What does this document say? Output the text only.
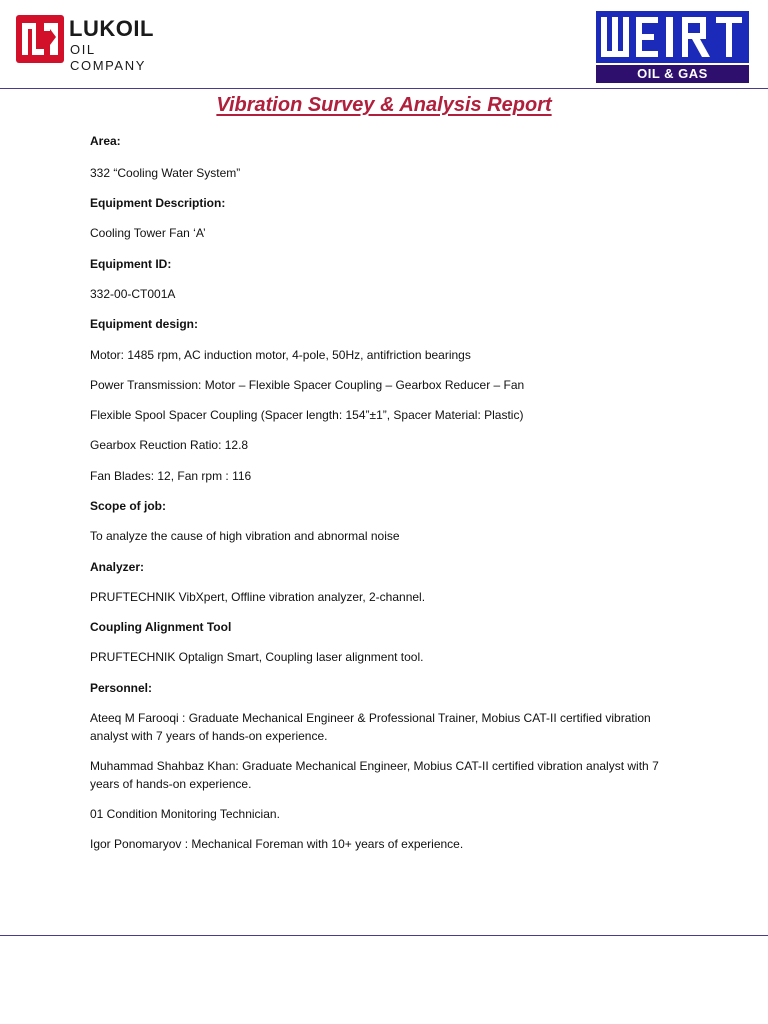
LUKOIL
OIL COMPANY
OIL & GAS
Vibration Survey & Analysis Report

Area:

332 “Cooling Water System”

Equipment Description:

Cooling Tower Fan ‘A’

Equipment ID:

332-00-CT001A

Equipment design:

Motor: 1485 rpm, AC induction motor, 4-pole, 50Hz, antifriction bearings

Power Transmission: Motor – Flexible Spacer Coupling – Gearbox Reducer – Fan

Flexible Spool Spacer Coupling (Spacer length: 154”±1”, Spacer Material: Plastic)

Gearbox Reuction Ratio: 12.8

Fan Blades: 12, Fan rpm : 116

Scope of job:

To analyze the cause of high vibration and abnormal noise

Analyzer:

PRUFTECHNIK VibXpert, Offline vibration analyzer, 2-channel.

Coupling Alignment Tool

PRUFTECHNIK Optalign Smart, Coupling laser alignment tool.

Personnel:

Ateeq M Farooqi : Graduate Mechanical Engineer & Professional Trainer, Mobius CAT-II certified vibration analyst with 7 years of hands-on experience.

Muhammad Shahbaz Khan: Graduate Mechanical Engineer, Mobius CAT-II certified vibration analyst with 7 years of hands-on experience.

01 Condition Monitoring Technician.

Igor Ponomaryov : Mechanical Foreman with 10+ years of experience.
